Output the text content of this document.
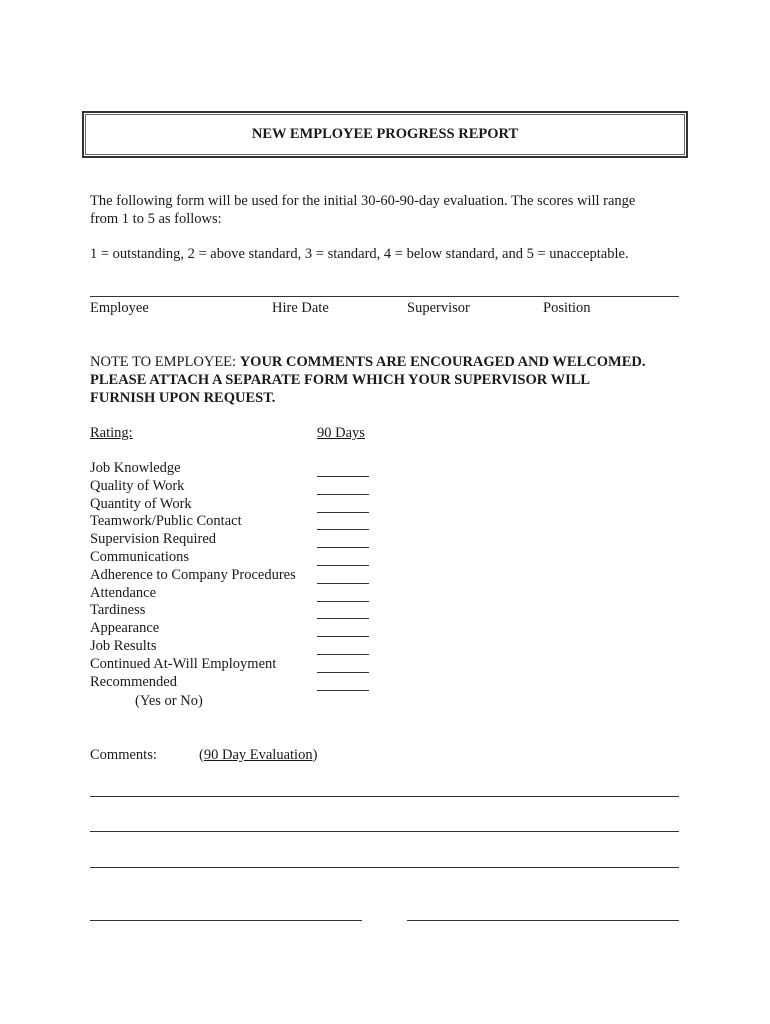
NEW EMPLOYEE PROGRESS REPORT
The following form will be used for the initial 30-60-90-day evaluation. The scores will range
from 1 to 5 as follows:
1 = outstanding, 2 = above standard, 3 = standard, 4 = below standard, and 5 = unacceptable.
Employee	Hire Date	Supervisor	Position
NOTE TO EMPLOYEE: YOUR COMMENTS ARE ENCOURAGED AND WELCOMED.
PLEASE ATTACH A SEPARATE FORM WHICH YOUR SUPERVISOR WILL
FURNISH UPON REQUEST.
Rating:	90 Days
Job Knowledge
Quality of Work
Quantity of Work
Teamwork/Public Contact
Supervision Required
Communications
Adherence to Company Procedures
Attendance
Tardiness
Appearance
Job Results
Continued At-Will Employment
Recommended
(Yes or No)
Comments:	(90 Day Evaluation)
